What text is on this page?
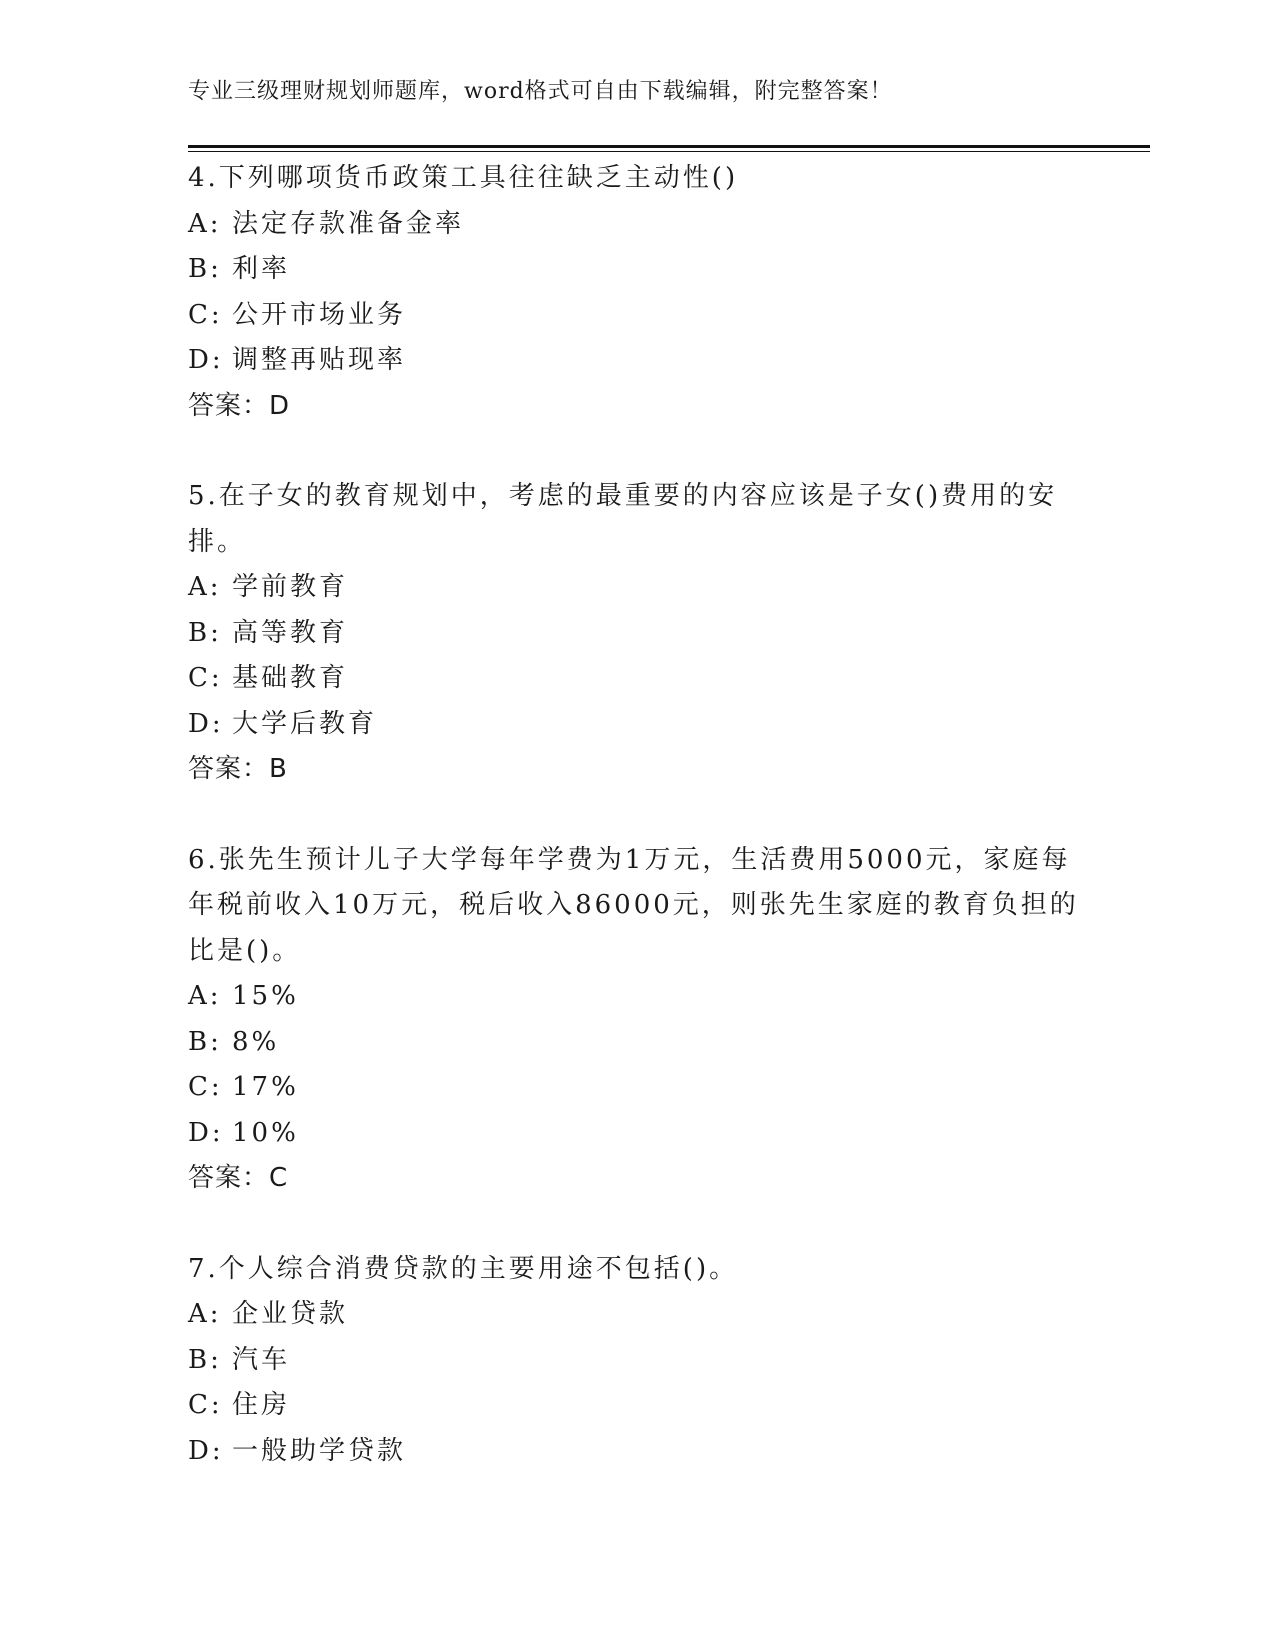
专业三级理财规划师题库，word格式可自由下载编辑，附完整答案！
4.下列哪项货币政策工具往往缺乏主动性()
A: 法定存款准备金率
B: 利率
C: 公开市场业务
D: 调整再贴现率
答案：D
5.在子女的教育规划中，考虑的最重要的内容应该是子女()费用的安
排。
A: 学前教育
B: 高等教育
C: 基础教育
D: 大学后教育
答案：B
6.张先生预计儿子大学每年学费为1万元，生活费用5000元，家庭每
年税前收入10万元，税后收入86000元，则张先生家庭的教育负担的
比是()。
A: 15%
B: 8%
C: 17%
D: 10%
答案：C
7.个人综合消费贷款的主要用途不包括()。
A: 企业贷款
B: 汽车
C: 住房
D: 一般助学贷款
